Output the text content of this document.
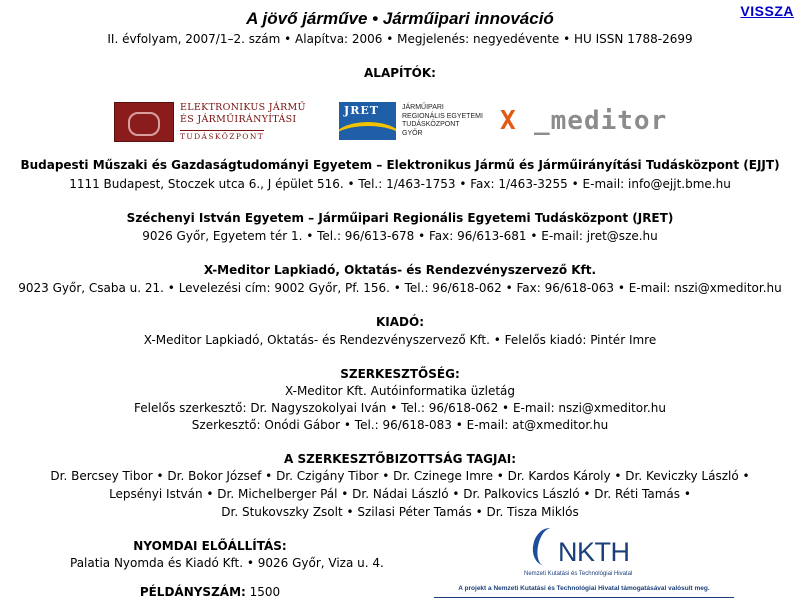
VISSZA
A jövő járműve • Járműipari innováció
II. évfolyam, 2007/1–2. szám • Alapítva: 2006 • Megjelenés: negyedévente • HU ISSN 1788-2699
ALAPÍTÓK:
ELEKTRONIKUS JÁRMŰ
ÉS JÁRMŰIRÁNYÍTÁSI
TUDÁSKÖZPONT
JRET	JÁRMŰIPARI
REGIONÁLIS EGYETEMI
TUDÁSKÖZPONT
GYŐR	X _meditor
Budapesti Műszaki és Gazdaságtudományi Egyetem – Elektronikus Jármű és Járműirányítási Tudásközpont (EJJT)
1111 Budapest, Stoczek utca 6., J épület 516. • Tel.: 1/463-1753 • Fax: 1/463-3255 • E-mail: info@ejjt.bme.hu
Széchenyi István Egyetem – Járműipari Regionális Egyetemi Tudásközpont (JRET)
9026 Győr, Egyetem tér 1. • Tel.: 96/613-678 • Fax: 96/613-681 • E-mail: jret@sze.hu
X-Meditor Lapkiadó, Oktatás- és Rendezvényszervező Kft.
9023 Győr, Csaba u. 21. • Levelezési cím: 9002 Győr, Pf. 156. • Tel.: 96/618-062 • Fax: 96/618-063 • E-mail: nszi@xmeditor.hu
KIADÓ:
X-Meditor Lapkiadó, Oktatás- és Rendezvényszervező Kft. • Felelős kiadó: Pintér Imre
SZERKESZTŐSÉG:
X-Meditor Kft. Autóinformatika üzletág
Felelős szerkesztő: Dr. Nagyszokolyai Iván • Tel.: 96/618-062 • E-mail: nszi@xmeditor.hu
Szerkesztő: Onódi Gábor • Tel.: 96/618-083 • E-mail: at@xmeditor.hu
A SZERKESZTŐBIZOTTSÁG TAGJAI:
Dr. Bercsey Tibor • Dr. Bokor József • Dr. Czigány Tibor • Dr. Czinege Imre • Dr. Kardos Károly • Dr. Keviczky László •
Lepsényi István • Dr. Michelberger Pál • Dr. Nádai László • Dr. Palkovics László • Dr. Réti Tamás •
Dr. Stukovszky Zsolt • Szilasi Péter Tamás • Dr. Tisza Miklós
NYOMDAI ELŐÁLLÍTÁS:
Palatia Nyomda és Kiadó Kft. • 9026 Győr, Viza u. 4.
PÉLDÁNYSZÁM: 1500
NKTH
Nemzeti Kutatási és Technológiai Hivatal
A projekt a Nemzeti Kutatási és Technológiai Hivatal támogatásával valósult meg.
